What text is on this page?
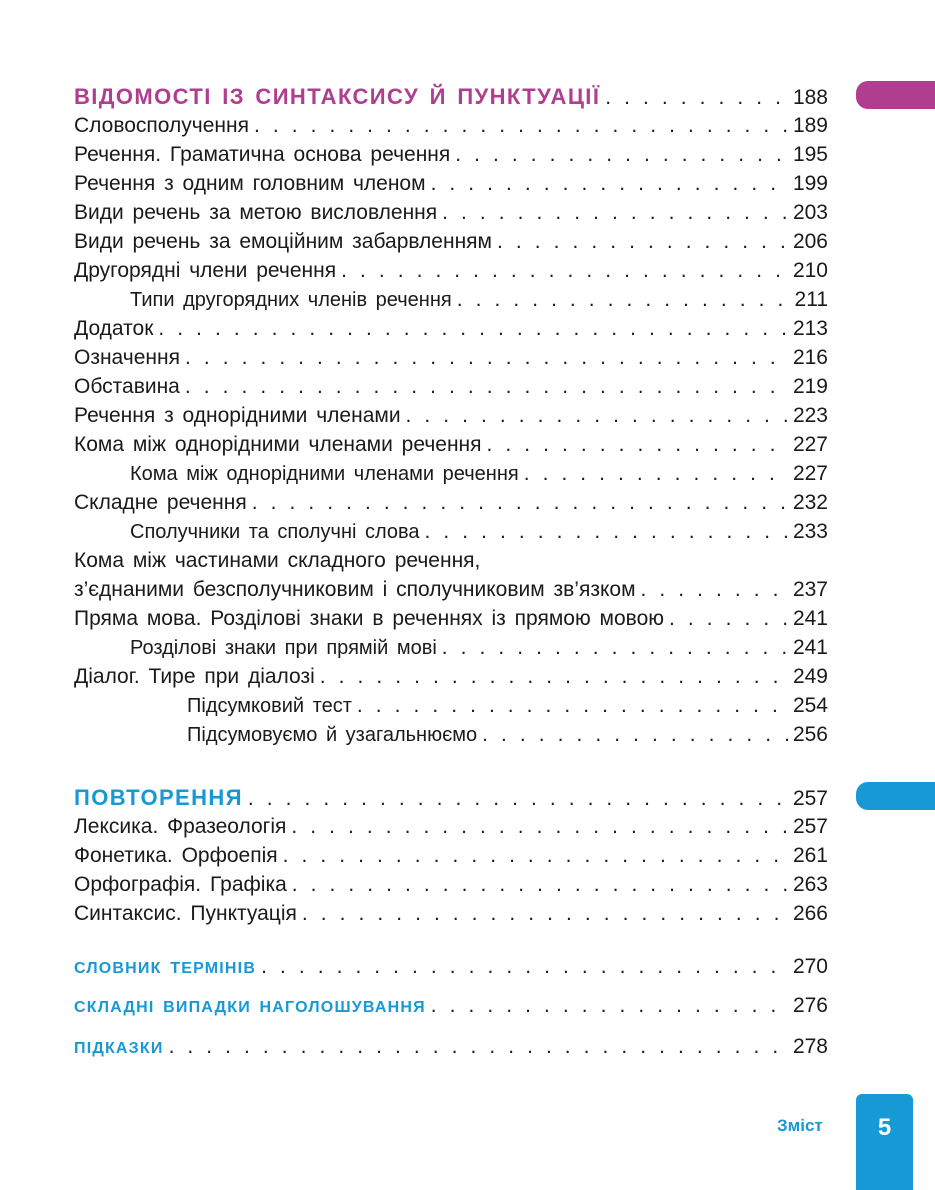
ВІДОМОСТІ ІЗ СИНТАКСИСУ Й ПУНКТУАЦІЇ . . .	188
Словосполучення . . .	189
Речення. Граматична основа речення . . .	195
Речення з одним головним членом . . .	199
Види речень за метою висловлення . . .	203
Види речень за емоційним забарвленням . . .	206
Другорядні члени речення . . .	210
Типи другорядних членів речення . . .	211
Додаток . . .	213
Означення . . .	216
Обставина . . .	219
Речення з однорідними членами . . .	223
Кома між однорідними членами речення . . .	227
Кома між однорідними членами речення . . .	227
Складне речення . . .	232
Сполучники та сполучні слова . . .	233
Кома між частинами складного речення,
з’єднаними безсполучниковим і сполучниковим зв’язком . . .	237
Пряма мова. Розділові знаки в реченнях із прямою мовою . . .	241
Розділові знаки при прямій мові . . .	241
Діалог. Тире при діалозі . . .	249
Підсумковий тест . . .	254
Підсумовуємо й узагальнюємо . . .	256
ПОВТОРЕННЯ . . .	257
Лексика. Фразеологія . . .	257
Фонетика. Орфоепія . . .	261
Орфографія. Графіка . . .	263
Синтаксис. Пунктуація . . .	266
СЛОВНИК ТЕРМІНІВ . . .	270
СКЛАДНІ ВИПАДКИ НАГОЛОШУВАННЯ . . .	276
ПІДКАЗКИ . . .	278
Зміст	5
